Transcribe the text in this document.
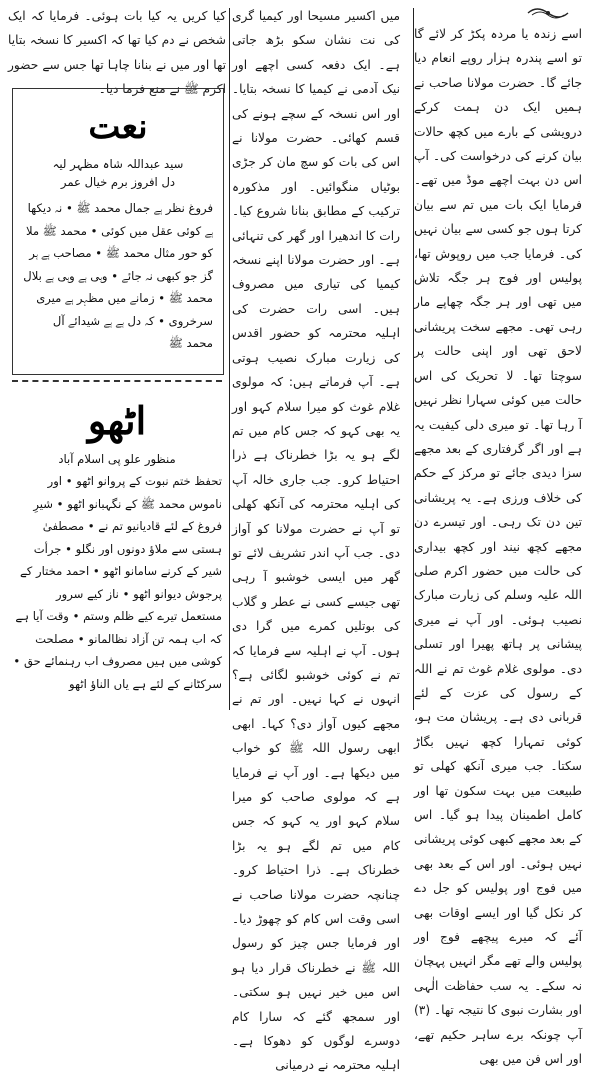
اسے زندہ یا مردہ پکڑ کر لائے گا تو اسے پندرہ ہزار روپے انعام دیا جائے گا۔ حضرت مولانا صاحب نے ہمیں ایک دن ہمت کرکے درویشی کے بارے میں کچھ حالات بیان کرنے کی درخواست کی۔ آپ اس دن بہت اچھے موڈ میں تھے۔ فرمایا ایک بات میں تم سے بیان کرتا ہوں جو کسی سے بیان نہیں کی۔ فرمایا جب میں روپوش تھا، پولیس اور فوج ہر جگہ تلاش میں تھی اور ہر جگہ چھاپے مار رہی تھی۔ مجھے سخت پریشانی لاحق تھی اور اپنی حالت پر سوچتا تھا۔ لا تحریک کی اس حالت میں کوئی سہارا نظر نہیں آ رہا تھا۔ تو میری دلی کیفیت یہ ہے اور اگر گرفتاری کے بعد مجھے سزا دیدی جائے تو مرکز کے حکم کی خلاف ورزی ہے۔ یہ پریشانی تین دن تک رہی۔ اور تیسرے دن مجھے کچھ نیند اور کچھ بیداری کی حالت میں حضور اکرم صلی اللہ علیہ وسلم کی زیارت مبارک نصیب ہوئی۔ اور آپ نے میری پیشانی پر ہاتھ پھیرا اور تسلی دی۔ مولوی غلام غوث تم نے اللہ کے رسول کی عزت کے لئے قربانی دی ہے۔ پریشان مت ہو، کوئی تمہارا کچھ نہیں بگاڑ سکتا۔ جب میری آنکھ کھلی تو طبیعت میں بہت سکون تھا اور کامل اطمینان پیدا ہو گیا۔ اس کے بعد مجھے کبھی کوئی پریشانی نہیں ہوئی۔ اور اس کے بعد بھی میں فوج اور پولیس کو جل دے کر نکل گیا اور ایسے اوقات بھی آئے کہ میرے پیچھے فوج اور پولیس والے تھے مگر انہیں پہچان نہ سکے۔ یہ سب حفاظت الٰہی اور بشارت نبوی کا نتیجہ تھا۔ (۳) آپ چونکہ برے ساہر حکیم تھے، اور اس فن میں بھی

میں اکسیر مسیحا اور کیمیا گری کی نت نشان سکو بڑھ جاتی ہے۔ ایک دفعہ کسی اچھے اور نیک آدمی نے کیمیا کا نسخہ بتایا۔ اور اس نسخہ کے سچے ہونے کی قسم کھائی۔ حضرت مولانا نے اس کی بات کو سچ مان کر جڑی بوٹیاں منگوائیں۔ اور مذکورہ ترکیب کے مطابق بنانا شروع کیا۔ رات کا اندھیرا اور گھر کی تنہائی ہے۔ اور حضرت مولانا اپنے نسخہ کیمیا کی تیاری میں مصروف ہیں۔ اسی رات حضرت کی اہلیہ محترمہ کو حضور اقدس کی زیارت مبارک نصیب ہوتی ہے۔ آپ فرماتے ہیں: کہ مولوی غلام غوث کو میرا سلام کہو اور یہ بھی کہو کہ جس کام میں تم لگے ہو یہ بڑا خطرناک ہے ذرا احتیاط کرو۔ جب جاری خالہ آپ کی اہلیہ محترمہ کی آنکھ کھلی تو آپ نے حضرت مولانا کو آواز دی۔ جب آپ اندر تشریف لائے تو گھر میں ایسی خوشبو آ رہی تھی جیسے کسی نے عطر و گلاب کی بوتلیں کمرے میں گرا دی ہوں۔ آپ نے اہلیہ سے فرمایا کہ تم نے کوئی خوشبو لگائی ہے؟ انہوں نے کہا نہیں۔ اور تم نے مجھے کیوں آواز دی؟ کہا۔ ابھی ابھی رسول اللہ ﷺ کو خواب میں دیکھا ہے۔ اور آپ نے فرمایا ہے کہ مولوی صاحب کو میرا سلام کہو اور یہ کہو کہ جس کام میں تم لگے ہو یہ بڑا خطرناک ہے۔ ذرا احتیاط کرو۔ چنانچہ حضرت مولانا صاحب نے اسی وقت اس کام کو چھوڑ دیا۔ اور فرمایا جس چیز کو رسول اللہ ﷺ نے خطرناک قرار دیا ہو اس میں خیر نہیں ہو سکتی۔ اور سمجھ گئے کہ سارا کام دوسرے لوگوں کو دھوکا ہے۔ اہلیہ محترمہ نے درمیانی

کیا کریں یہ کیا بات ہوئی۔ فرمایا کہ ایک شخص نے دم کیا تھا کہ اکسیر کا نسخہ بتایا تھا اور میں نے بنانا چاہا تھا جس سے حضور اکرم ﷺ نے منع فرما دیا۔

نعت
سید عبداللہ شاہ مظہر لیہ
دل افروز برم خیال عمر

فروغ نظر ہے جمال محمد ﷺ • نہ دیکھا ہے کوئی عقل میں کوئی • محمد ﷺ ملا کو حور مثال محمد ﷺ • مصاحب ہے ہر گز جو کبھی نہ جائے • وہی ہے وہی ہے بلال محمد ﷺ • زمانے میں مظہر ہے میری سرخروی • کہ دل ہے ہے شیدائے آل محمد ﷺ

اٹھو
منظور علو پی اسلام آباد

تحفظ ختم نبوت کے پروانو اٹھو • اور ناموس محمد ﷺ کے نگہبانو اٹھو • شیرِ فروغ کے لئے قادیانیو تم نے • مصطفیٰ ہستی سے ملاؤ دونوں اور نگلو • جرأت شیر کے کرنے سامانو اٹھو • احمد مختار کے پرجوش دیوانو اٹھو • ناز کیے سرور مستعمل تیرے کیے ظلم وستم • وقت آیا ہے کہ اب ہمہ تن آزاد نظالمانو • مصلحت کوشی میں ہیں مصروف اب رہنمائے حق • سرکٹانے کے لئے ہے یاں الناؤ اٹھو
